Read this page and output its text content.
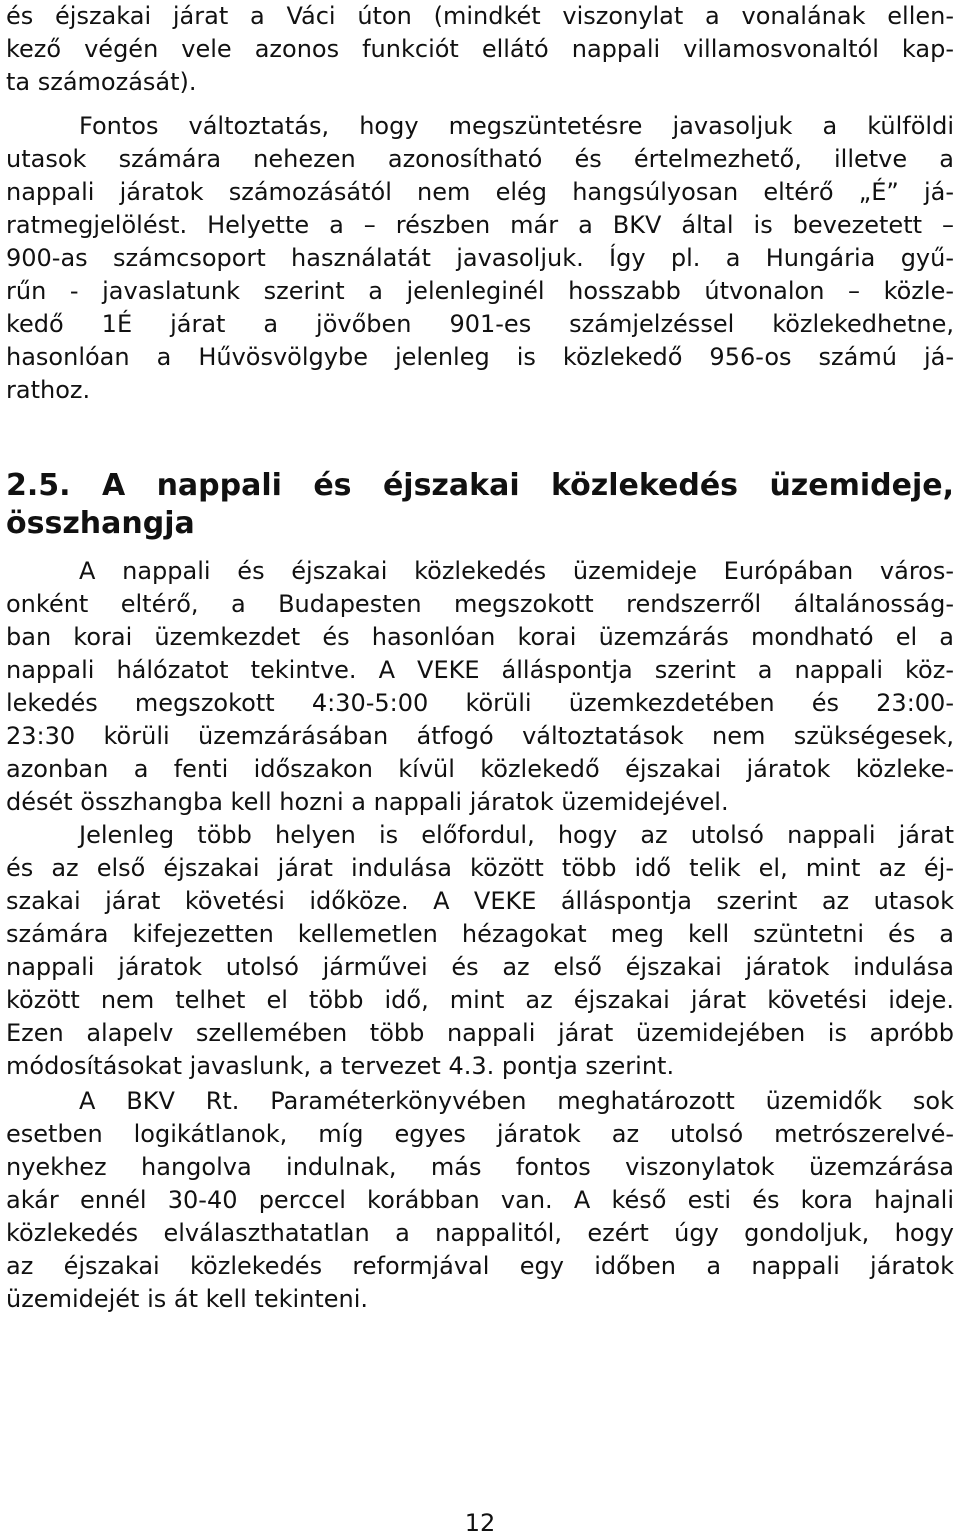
és éjszakai járat a Váci úton (mindkét viszonylat a vonalának ellen-
kező végén vele azonos funkciót ellátó nappali villamosvonaltól kap-
ta számozását).
Fontos változtatás, hogy megszüntetésre javasoljuk a külföldi
utasok számára nehezen azonosítható és értelmezhető, illetve a
nappali járatok számozásától nem elég hangsúlyosan eltérő „É” já-
ratmegjelölést. Helyette a – részben már a BKV által is bevezetett –
900-as számcsoport használatát javasoljuk. Így pl. a Hungária gyű-
rűn - javaslatunk szerint a jelenleginél hosszabb útvonalon – közle-
kedő 1É járat a jövőben 901-es számjelzéssel közlekedhetne,
hasonlóan a Hűvösvölgybe jelenleg is közlekedő 956-os számú já-
rathoz.
2.5. A nappali és éjszakai közlekedés üzemideje,
összhangja
A nappali és éjszakai közlekedés üzemideje Európában város-
onként eltérő, a Budapesten megszokott rendszerről általánosság-
ban korai üzemkezdet és hasonlóan korai üzemzárás mondható el a
nappali hálózatot tekintve. A VEKE álláspontja szerint a nappali köz-
lekedés megszokott 4:30-5:00 körüli üzemkezdetében és 23:00-
23:30 körüli üzemzárásában átfogó változtatások nem szükségesek,
azonban a fenti időszakon kívül közlekedő éjszakai járatok közleke-
dését összhangba kell hozni a nappali járatok üzemidejével.
Jelenleg több helyen is előfordul, hogy az utolsó nappali járat
és az első éjszakai járat indulása között több idő telik el, mint az éj-
szakai járat követési időköze. A VEKE álláspontja szerint az utasok
számára kifejezetten kellemetlen hézagokat meg kell szüntetni és a
nappali járatok utolsó járművei és az első éjszakai járatok indulása
között nem telhet el több idő, mint az éjszakai járat követési ideje.
Ezen alapelv szellemében több nappali járat üzemidejében is apróbb
módosításokat javaslunk, a tervezet 4.3. pontja szerint.
A BKV Rt. Paraméterkönyvében meghatározott üzemidők sok
esetben logikátlanok, míg egyes járatok az utolsó metrószerelvé-
nyekhez hangolva indulnak, más fontos viszonylatok üzemzárása
akár ennél 30-40 perccel korábban van. A késő esti és kora hajnali
közlekedés elválaszthatatlan a nappalitól, ezért úgy gondoljuk, hogy
az éjszakai közlekedés reformjával egy időben a nappali járatok
üzemidejét is át kell tekinteni.
12
